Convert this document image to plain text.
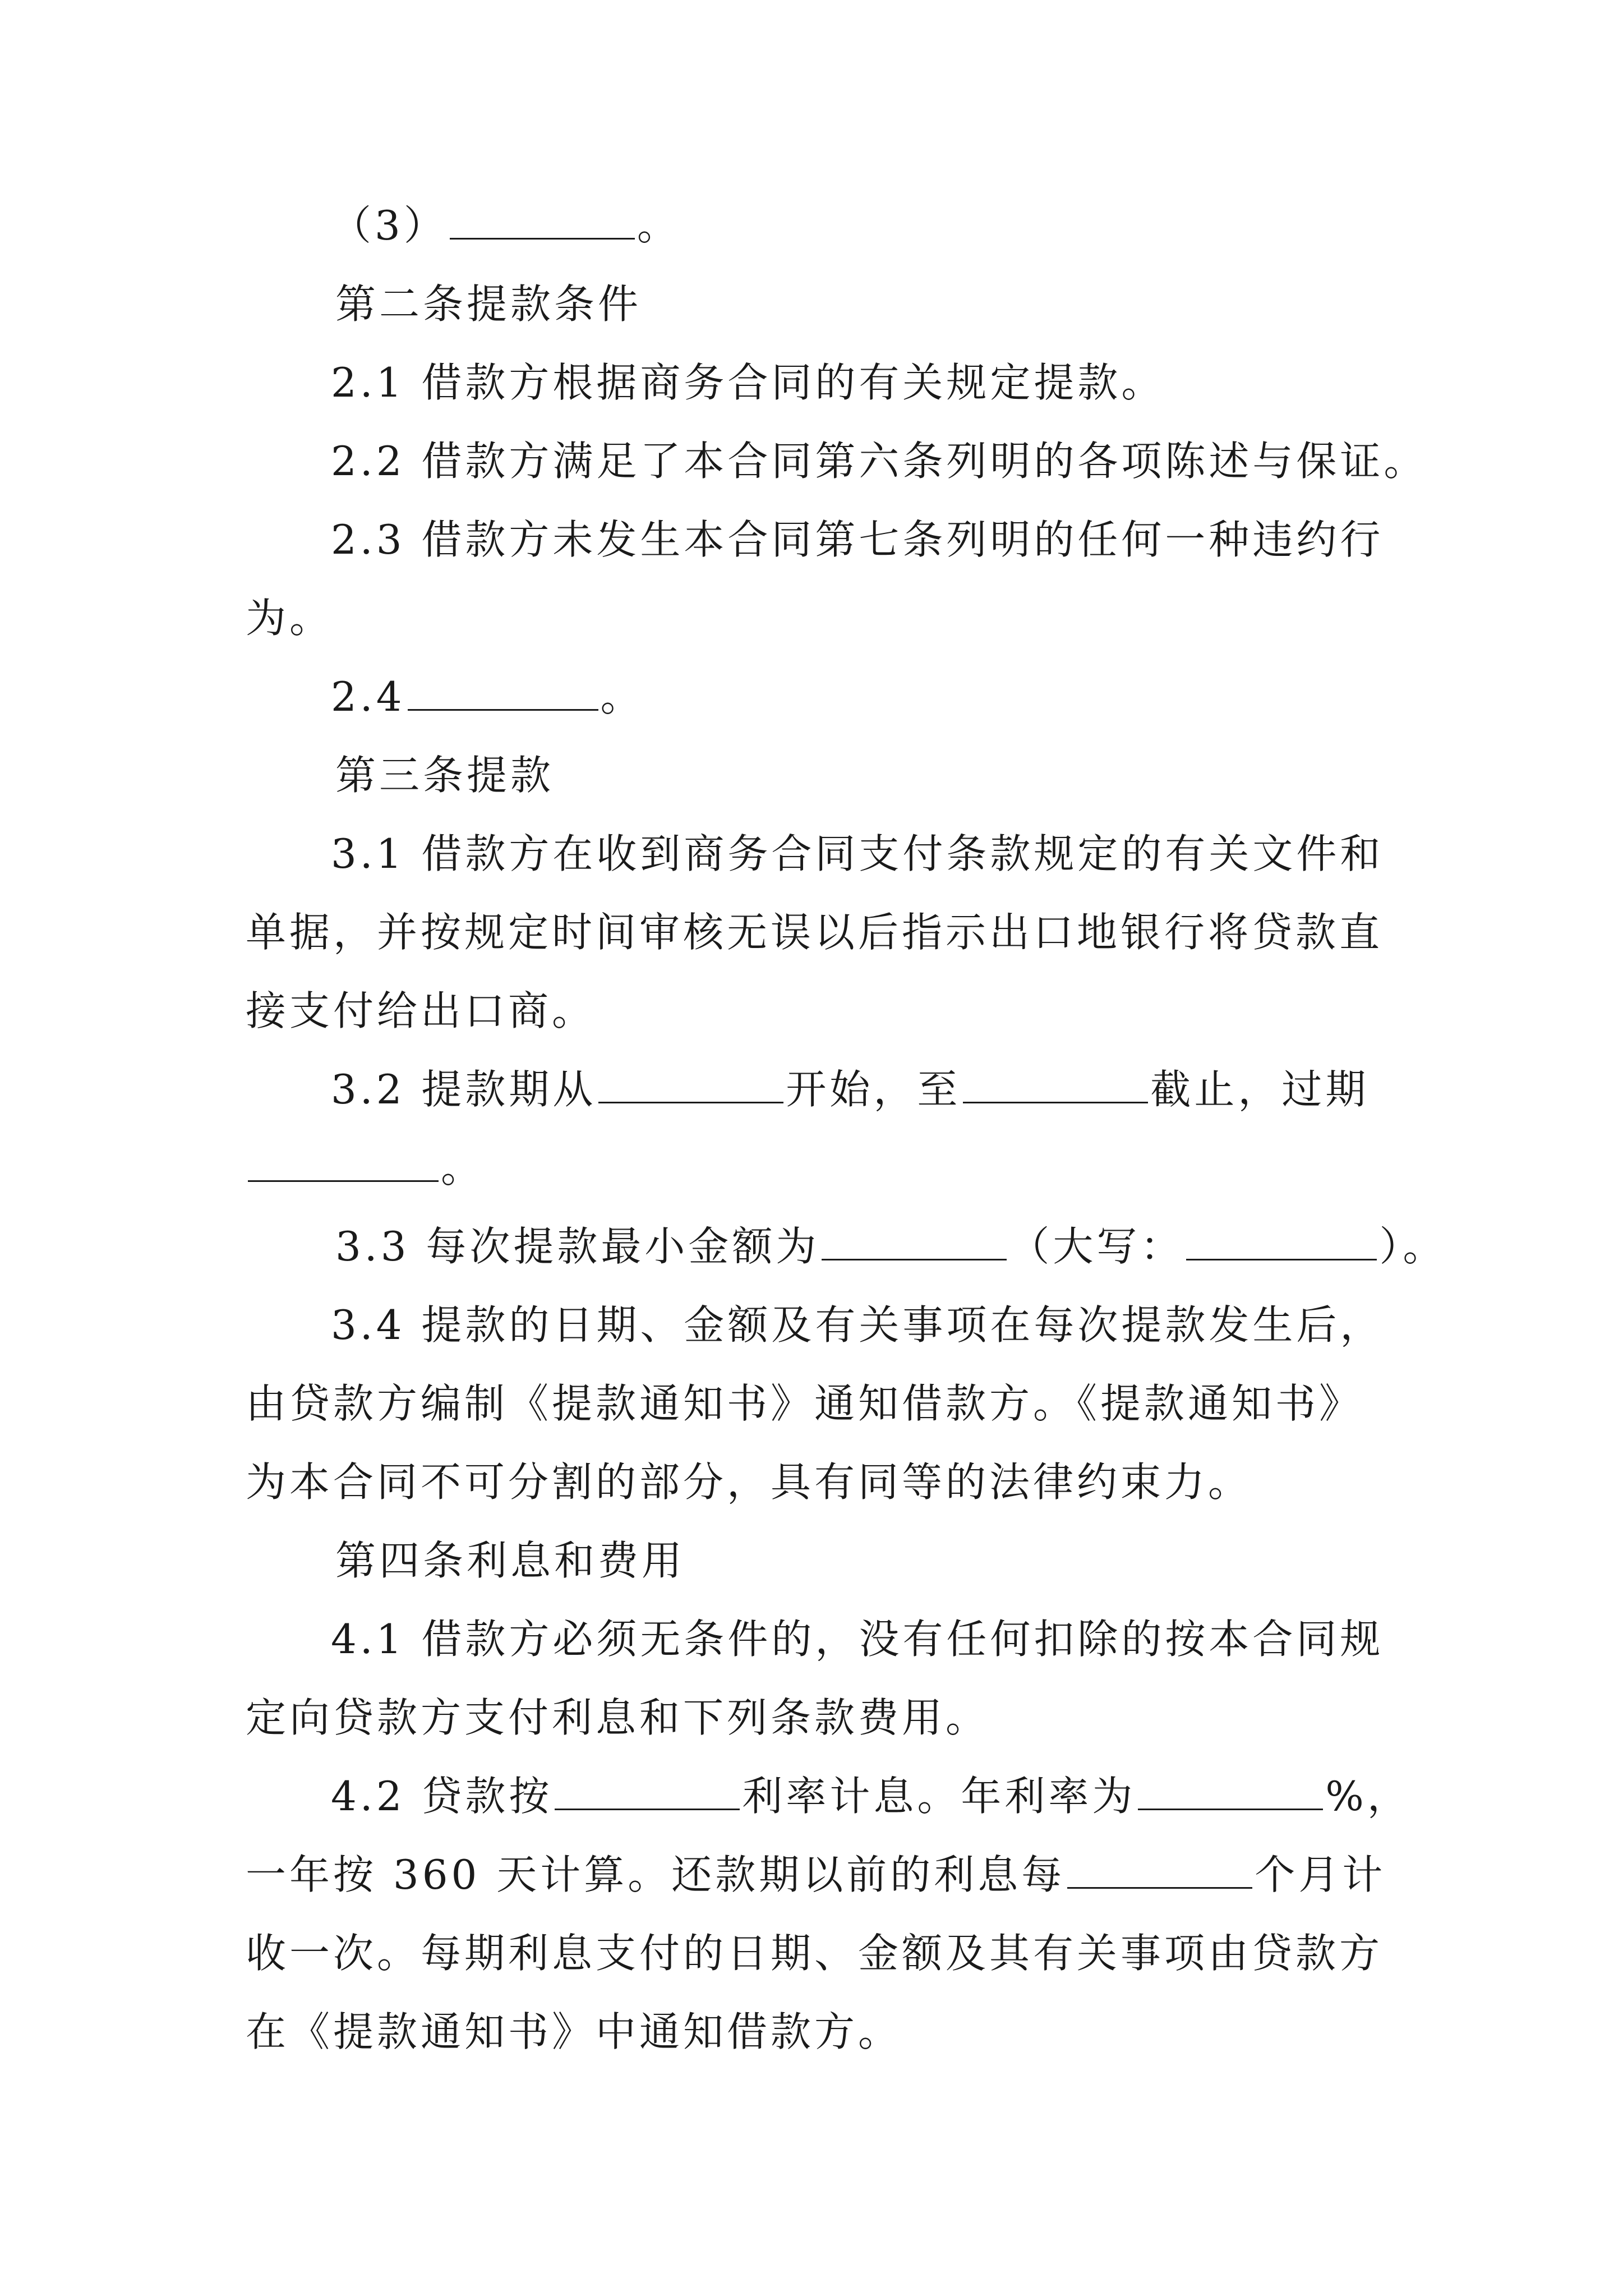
（3）	。
第二条提款条件
2.1 借款方根据商务合同的有关规定提款。
2.2 借款方满足了本合同第六条列明的各项陈述与保证。
2.3 借款方未发生本合同第七条列明的任何一种违约行
为。
2.4	。
第三条提款
3.1 借款方在收到商务合同支付条款规定的有关文件和
单据，并按规定时间审核无误以后指示出口地银行将贷款直
接支付给出口商。
3.2 提款期从	开始，至	截止，过期
。
3.3 每次提款最小金额为	（大写：	）。
3.4 提款的日期、金额及有关事项在每次提款发生后，
由贷款方编制《提款通知书》通知借款方。《提款通知书》
为本合同不可分割的部分，具有同等的法律约束力。
第四条利息和费用
4.1 借款方必须无条件的，没有任何扣除的按本合同规
定向贷款方支付利息和下列条款费用。
4.2 贷款按	利率计息。年利率为	%，
一年按 360 天计算。还款期以前的利息每	个月计
收一次。每期利息支付的日期、金额及其有关事项由贷款方
在《提款通知书》中通知借款方。
